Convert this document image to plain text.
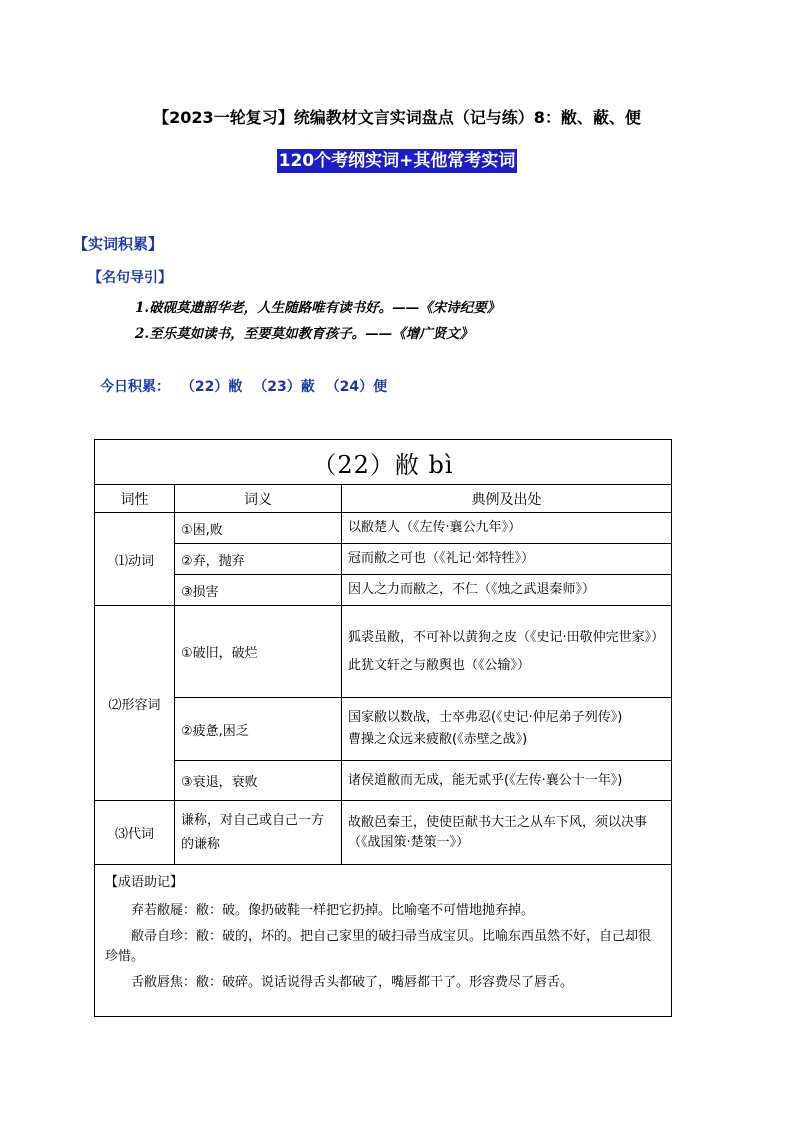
【2023一轮复习】统编教材文言实词盘点（记与练）8：敝、蔽、便
120个考纲实词+其他常考实词
【实词积累】
【名句导引】
1.破砚莫遗韶华老，人生随路唯有读书好。——《宋诗纪要》
2.至乐莫如读书，至要莫如教育孩子。——《增广贤文》
今日积累： （22）敝 （23）蔽 （24）便
（22）敝 bì		
词性	词义	典例及出处
⑴动词	①困,败	以敝楚人（《左传·襄公九年》）

	②弃，抛弃	冠而敝之可也（《礼记·郊特牲》）

	③损害	因人之力而敝之，不仁（《烛之武退秦师》）

⑵形容词	①破旧，破烂	狐裘虽敝，不可补以黄狗之皮（《史记·田敬仲完世家》）
此犹文轩之与敝舆也（《公输》）

	②疲惫,困乏	国家敝以数战，士卒弗忍(《史记·仲尼弟子列传》)
曹操之众远来疲敝(《赤壁之战》)

	③衰退，衰败	诸侯道敝而无成，能无贰乎(《左传·襄公十一年》)

⑶代词	谦称，对自己或自己一方的谦称	故敝邑秦王，使使臣献书大王之从车下风，须以决事（《战国策·楚策一》）

【成语助记】

弃若敝屣：敝：破。像扔破鞋一样把它扔掉。比喻毫不可惜地抛弃掉。

敝帚自珍：敝：破的，坏的。把自己家里的破扫帚当成宝贝。比喻东西虽然不好，自己却很珍惜。

舌敝唇焦：敝：破碎。说话说得舌头都破了，嘴唇都干了。形容费尽了唇舌。		
